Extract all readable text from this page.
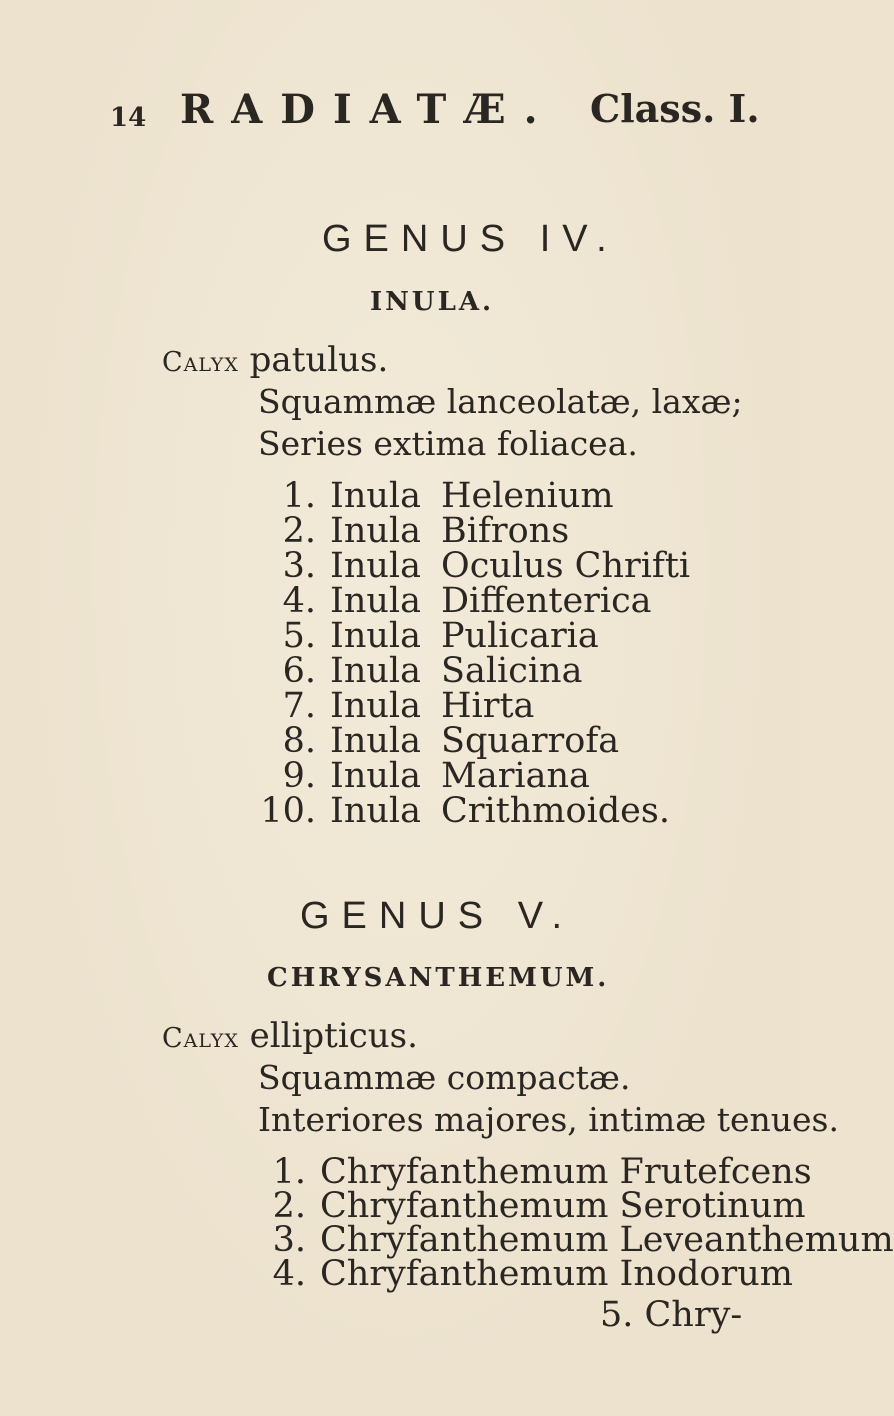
14 RADIATÆ. Class. I.
GENUS IV.
INULA.
Calyx patulus.
Squammæ lanceolatæ, laxæ;
Series extima foliacea.
1. Inula Helenium
2. Inula Bifrons
3. Inula Oculus Chrifti
4. Inula Diffenterica
5. Inula Pulicaria
6. Inula Salicina
7. Inula Hirta
8. Inula Squarrofa
9. Inula Mariana
10. Inula Crithmoides.
GENUS V.
CHRYSANTHEMUM.
Calyx ellipticus.
Squammæ compactæ.
Interiores majores, intimæ tenues.
1. Chryfanthemum Frutefcens
2. Chryfanthemum Serotinum
3. Chryfanthemum Leveanthemum
4. Chryfanthemum Inodorum
5. Chry-
